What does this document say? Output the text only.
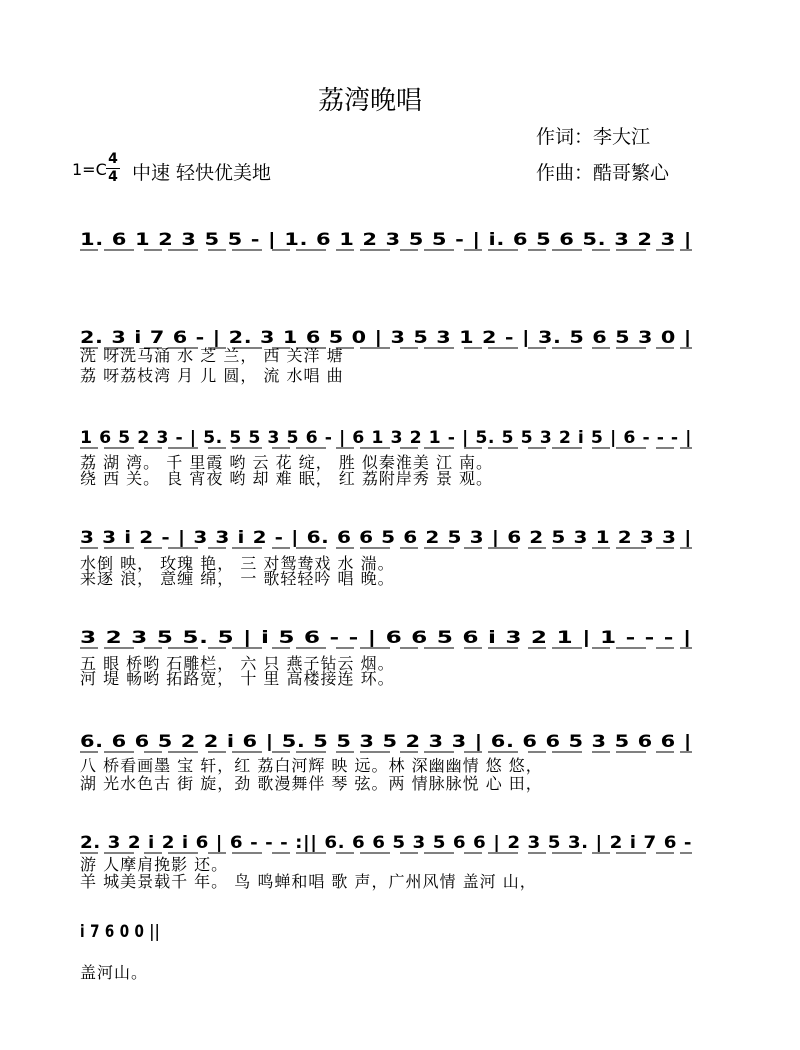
荔湾晚唱
作词：李大江
作曲：酷哥繁心
1=C
4
4 中速 轻快优美地
1. 6 1 2 3 5 5 - | 1. 6 1 2 3 5 5 - | i. 6 5 6 5. 3 2 3 |
2. 3 i 7 6 - | 2. 3 1 6 5 0 | 3 5 3 1 2 - | 3. 5 6 5 3 0 |
洗 呀洗马涌 水 芝 兰， 西 关洋 塘
荔 呀荔枝湾 月 儿 圆， 流 水唱 曲
1 6 5 2 3 - | 5. 5 5 3 5 6 - | 6 1 3 2 1 - | 5. 5 5 3 2 i 5 | 6 - - - |
荔 湖 湾。 千 里霞 哟 云 花 绽， 胜 似秦淮美 江 南。
绕 西 关。 良 宵夜 哟 却 难 眠， 红 荔附岸秀 景 观。
3 3 i 2 - | 3 3 i 2 - | 6. 6 6 5 6 2 5 3 | 6 2 5 3 1 2 3 3 |
水倒 映， 玫瑰 艳， 三 对鸳鸯戏 水 湍。
来逐 浪， 意缠 绵， 一 歌轻轻吟 唱 晚。
3 2 3 5 5. 5 | i 5 6 - - | 6 6 5 6 i 3 2 1 | 1 - - - |
五 眼 桥哟 石雕栏， 六 只 燕子钻云 烟。
河 堤 畅哟 拓路宽， 十 里 高楼接连 环。
6. 6 6 5 2 2 i 6 | 5. 5 5 3 5 2 3 3 | 6. 6 6 5 3 5 6 6 |
八 桥看画墨 宝 轩，红 荔白河辉 映 远。林 深幽幽情 悠 悠，
湖 光水色古 街 旋，劲 歌漫舞伴 琴 弦。两 情脉脉悦 心 田，
2. 3 2 i 2 i 6 | 6 - - - :|| 6. 6 6 5 3 5 6 6 | 2 3 5 3. | 2 i 7 6 -
游 人摩肩挽影 还。
羊 城美景载千 年。 鸟 鸣蝉和唱 歌 声，广州风情 盖河 山，
i 7 6 0 0 ||
盖河山。
